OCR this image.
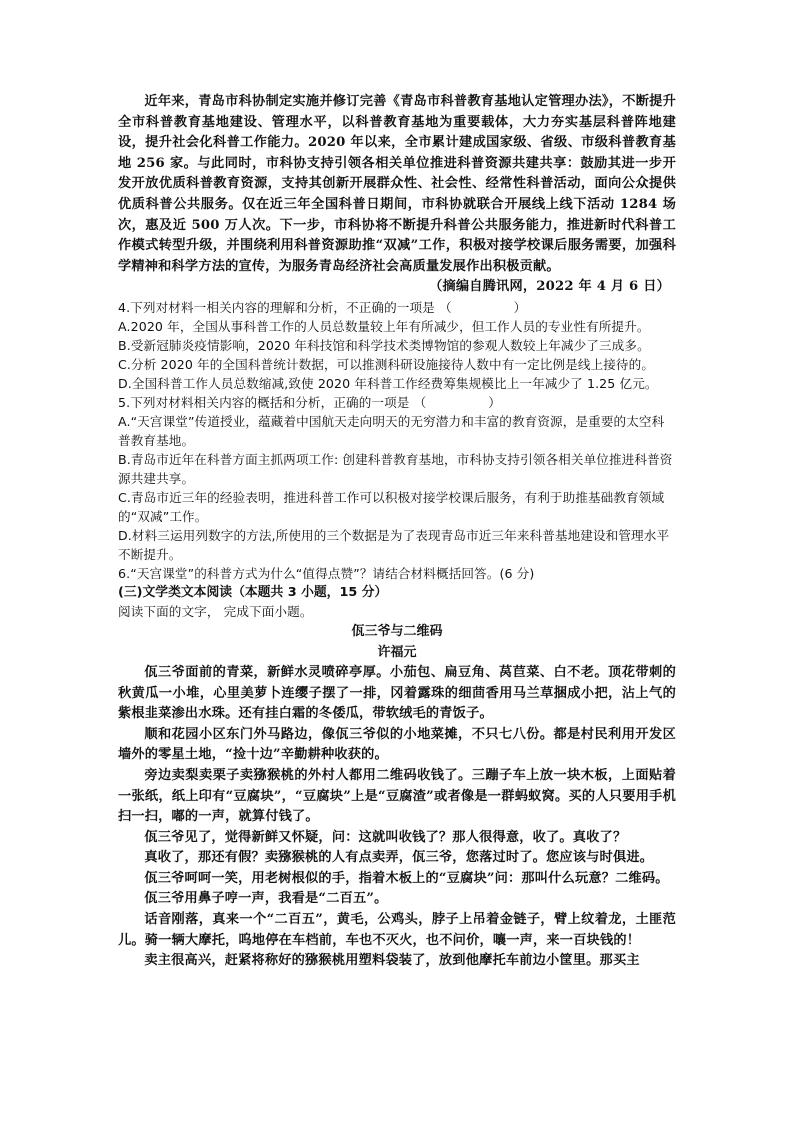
近年来，青岛市科协制定实施并修订完善《青岛市科普教育基地认定管理办法》，不断提升全市科普教育基地建设、管理水平，以科普教育基地为重要载体，大力夯实基层科普阵地建设，提升社会化科普工作能力。2020 年以来，全市累计建成国家级、省级、市级科普教育基地 256 家。与此同时，市科协支持引领各相关单位推进科普资源共建共享：鼓励其进一步开发开放优质科普教育资源，支持其创新开展群众性、社会性、经常性科普活动，面向公众提供优质科普公共服务。仅在近三年全国科普日期间，市科协就联合开展线上线下活动 1284 场次，惠及近 500 万人次。下一步，市科协将不断提升科普公共服务能力，推进新时代科普工作模式转型升级，并围绕利用科普资源助推“双减”工作，积极对接学校课后服务需要，加强科学精神和科学方法的宣传，为服务青岛经济社会高质量发展作出积极贡献。

（摘编自腾讯网，2022 年 4 月 6 日）

4.下列对材料一相关内容的理解和分析，不正确的一项是 （	）

A.2020 年，全国从事科普工作的人员总数量较上年有所减少，但工作人员的专业性有所提升。

B.受新冠肺炎疫情影响，2020 年科技馆和科学技术类博物馆的参观人数较上年减少了三成多。

C.分析 2020 年的全国科普统计数据，可以推测科研设施接待人数中有一定比例是线上接待的。

D.全国科普工作人员总数缩减,致使 2020 年科普工作经费筹集规模比上一年减少了 1.25 亿元。

5.下列对材料相关内容的概括和分析，正确的一项是 （	）

A.“天宫课堂”传道授业，蕴藏着中国航天走向明天的无穷潜力和丰富的教育资源，是重要的太空科普教育基地。

B.青岛市近年在科普方面主抓两项工作: 创建科普教育基地，市科协支持引领各相关单位推进科普资源共建共享。

C.青岛市近三年的经验表明，推进科普工作可以积极对接学校课后服务，有利于助推基础教育领域的“双减”工作。

D.材料三运用列数字的方法,所使用的三个数据是为了表现青岛市近三年来科普基地建设和管理水平不断提升。

6.“天宫课堂”的科普方式为什么“值得点赞”？请结合材料概括回答。(6 分)

(三)文学类文本阅读（本题共 3 小题，15 分）

阅读下面的文字， 完成下面小题。

佤三爷与二维码

许福元

佤三爷面前的青菜，新鲜水灵喷碎亭厚。小茄包、扁豆角、莴苣菜、白不老。顶花带刺的秋黄瓜一小堆，心里美萝卜连缨子摆了一排，冈着露珠的细茴香用马兰草捆成小把，沾上气的紫根韭菜渗出水珠。还有挂白霜的冬倭瓜，带软绒毛的青饭子。

顺和花园小区东门外马路边，像佤三爷似的小地菜摊，不只七八份。都是村民利用开发区墙外的零星土地，“捡十边”辛勤耕种收获的。

旁边卖梨卖栗子卖猕猴桃的外村人都用二维码收钱了。三蹦子车上放一块木板，上面贴着一张纸，纸上印有“豆腐块”，“豆腐块”上是“豆腐渣”或者像是一群蚂蚁窝。买的人只要用手机扫一扫，嘟的一声，就算付钱了。

佤三爷见了，觉得新鲜又怀疑，问：这就叫收钱了？那人很得意，收了。真收了？

真收了，那还有假？卖猕猴桃的人有点卖弄，佤三爷，您落过时了。您应该与时俱进。

佤三爷呵呵一笑，用老树根似的手，指着木板上的“豆腐块”问：那叫什么玩意？二维码。

佤三爷用鼻子哼一声，我看是“二百五”。

话音刚落，真来一个“二百五”，黄毛，公鸡头，脖子上吊着金链子，臂上纹着龙，土匪范儿。骑一辆大摩托，呜地停在车档前，车也不灭火，也不问价，嚷一声，来一百块钱的！

卖主很高兴，赶紧将称好的猕猴桃用塑料袋装了，放到他摩托车前边小筐里。那买主
